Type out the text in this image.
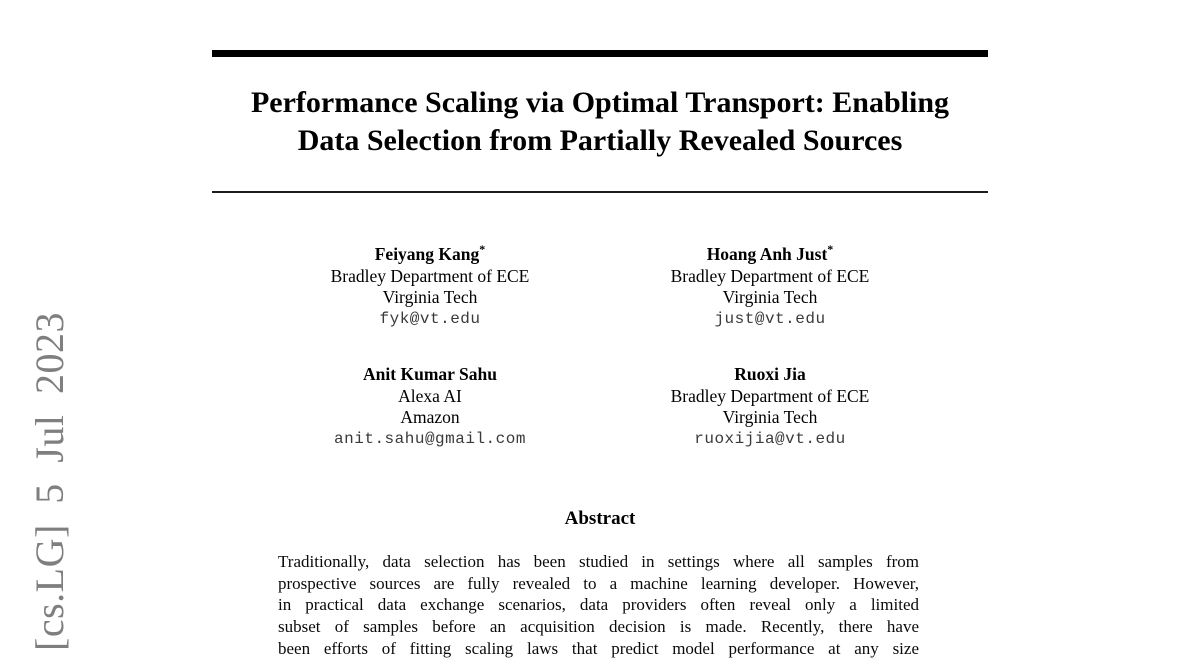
[cs.LG] 5 Jul 2023
Performance Scaling via Optimal Transport: Enabling
Data Selection from Partially Revealed Sources
Feiyang Kang*
Bradley Department of ECE
Virginia Tech
fyk@vt.edu
Hoang Anh Just*
Bradley Department of ECE
Virginia Tech
just@vt.edu
Anit Kumar Sahu
Alexa AI
Amazon
anit.sahu@gmail.com
Ruoxi Jia
Bradley Department of ECE
Virginia Tech
ruoxijia@vt.edu
Abstract
Traditionally, data selection has been studied in settings where all samples from
prospective sources are fully revealed to a machine learning developer. However,
in practical data exchange scenarios, data providers often reveal only a limited
subset of samples before an acquisition decision is made. Recently, there have
been efforts of fitting scaling laws that predict model performance at any size
